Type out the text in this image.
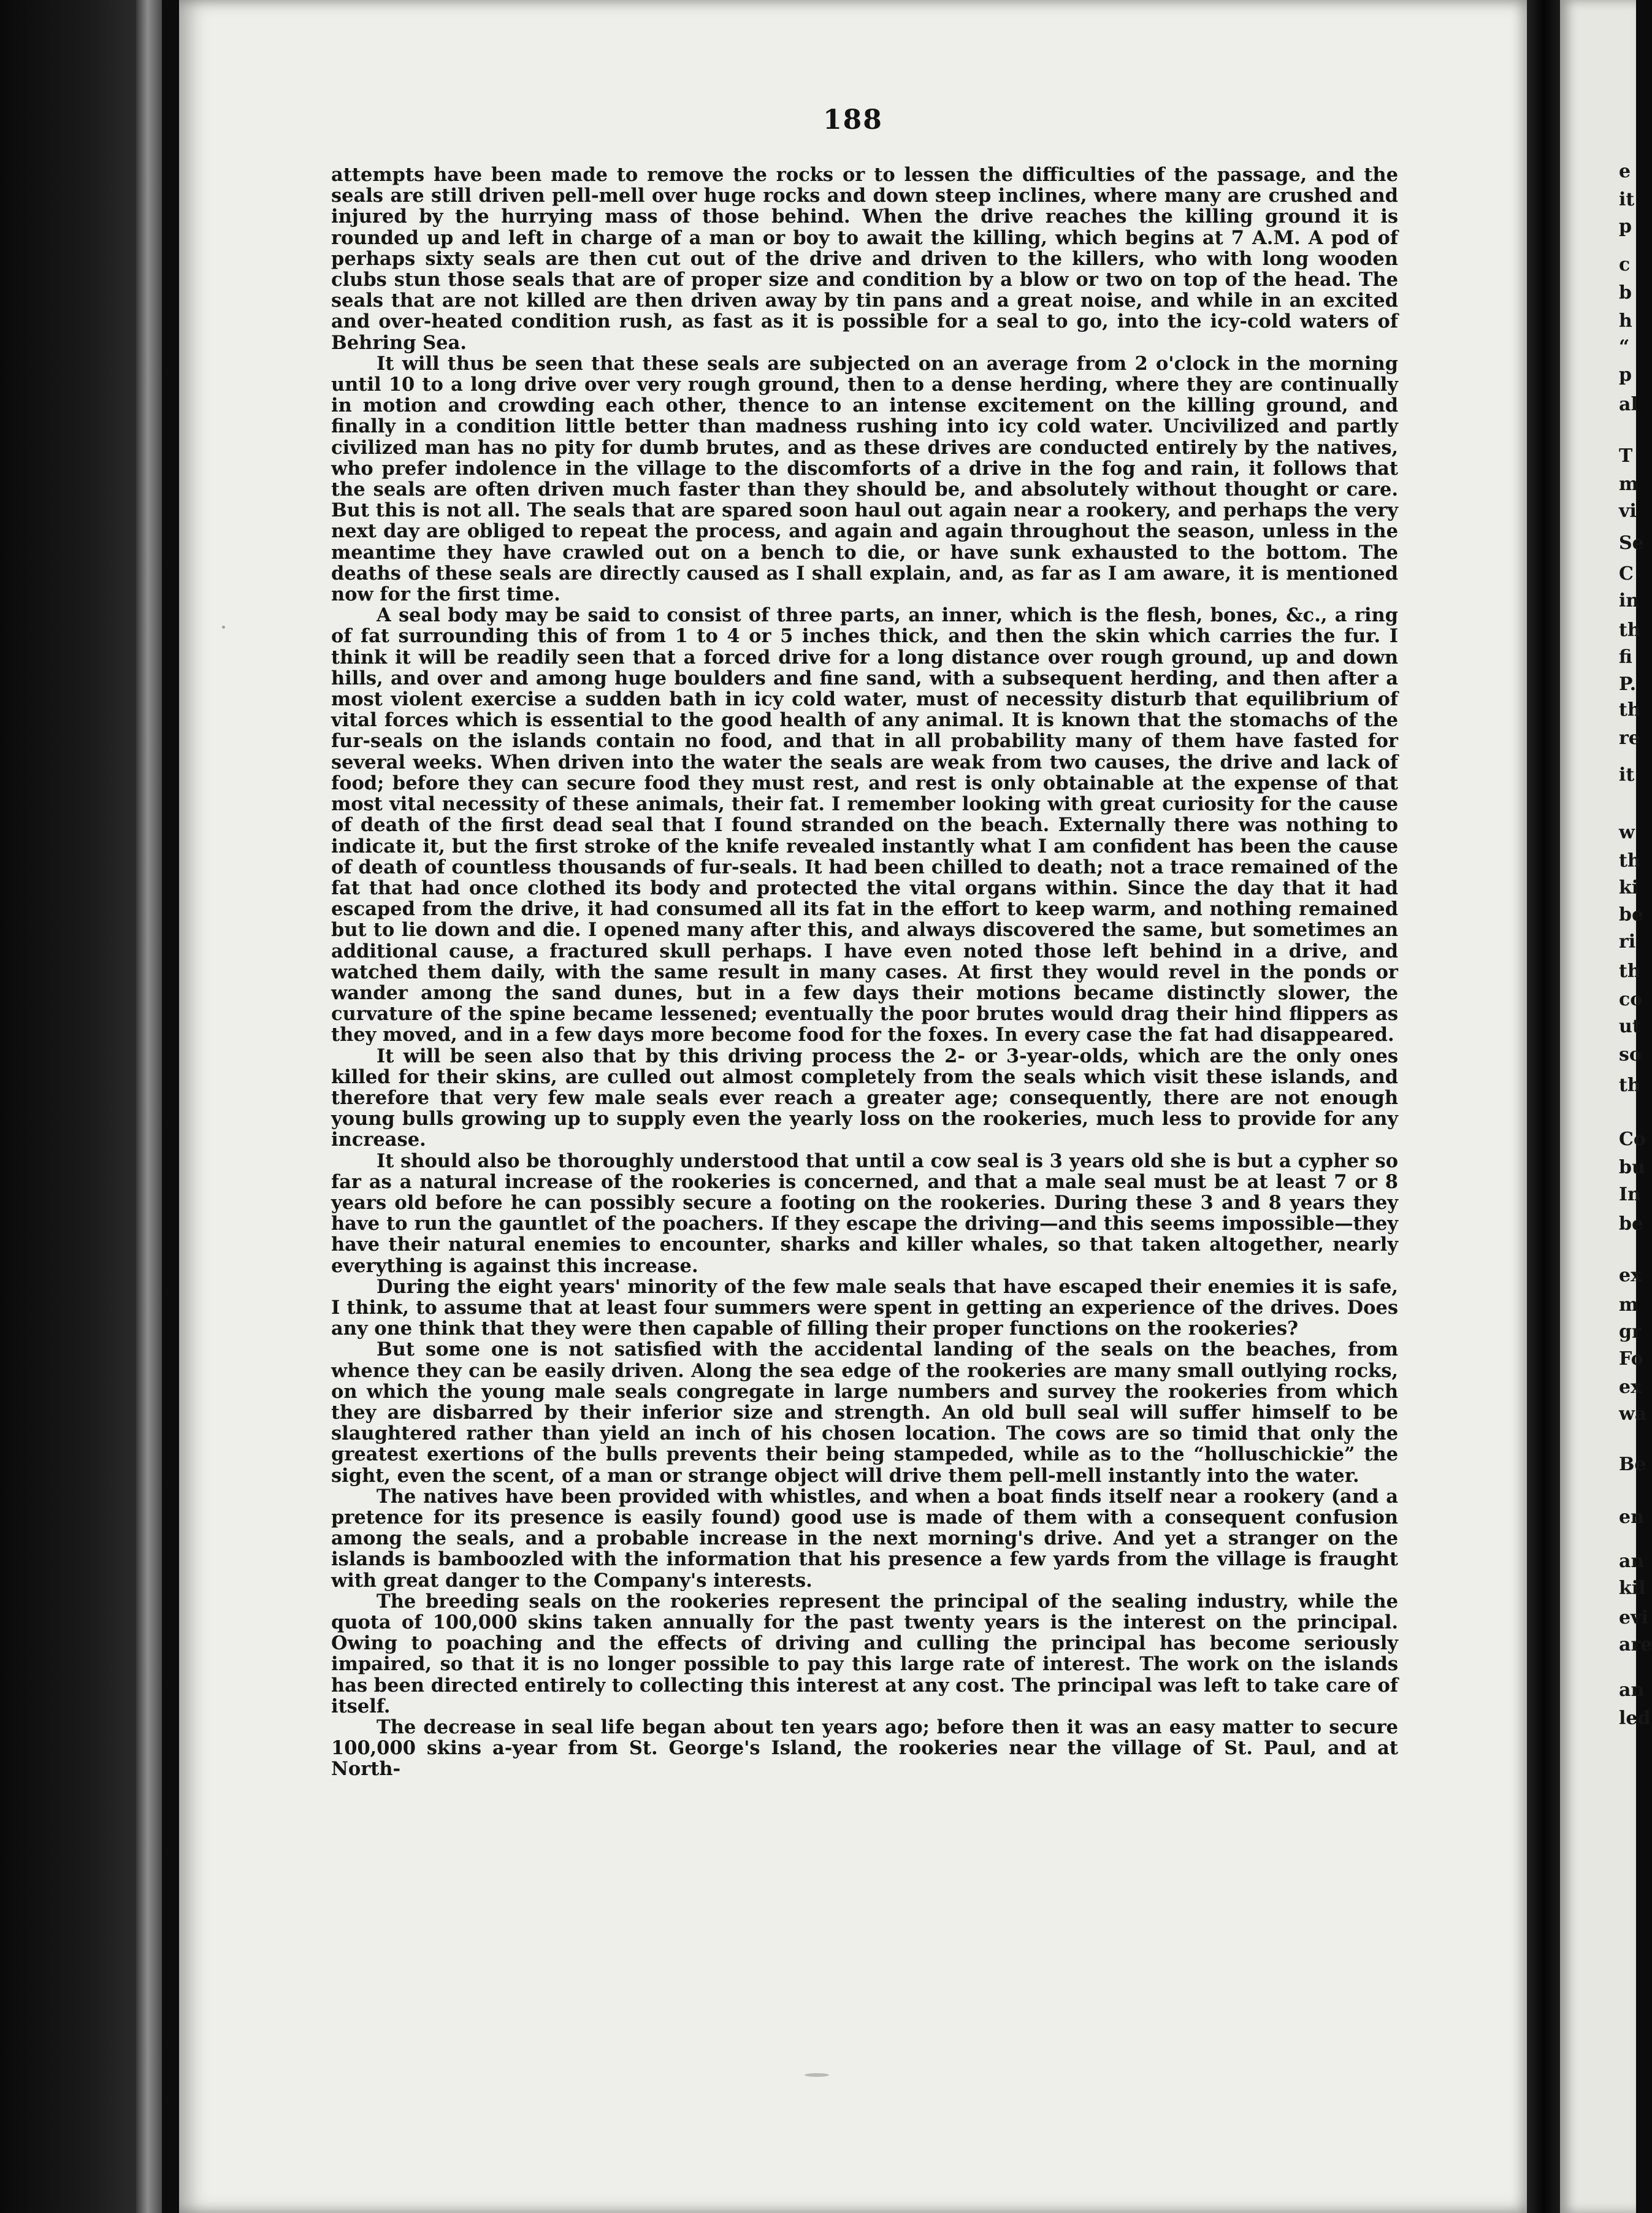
188

attempts have been made to remove the rocks or to lessen the difficulties of the passage, and the seals are still driven pell-mell over huge rocks and down steep inclines, where many are crushed and injured by the hurrying mass of those behind. When the drive reaches the killing ground it is rounded up and left in charge of a man or boy to await the killing, which begins at 7 A.M. A pod of perhaps sixty seals are then cut out of the drive and driven to the killers, who with long wooden clubs stun those seals that are of proper size and condition by a blow or two on top of the head. The seals that are not killed are then driven away by tin pans and a great noise, and while in an excited and over-heated condition rush, as fast as it is possible for a seal to go, into the icy-cold waters of Behring Sea.

It will thus be seen that these seals are subjected on an average from 2 o'clock in the morning until 10 to a long drive over very rough ground, then to a dense herding, where they are continually in motion and crowding each other, thence to an intense excitement on the killing ground, and finally in a condition little better than madness rushing into icy cold water. Uncivilized and partly civilized man has no pity for dumb brutes, and as these drives are conducted entirely by the natives, who prefer indolence in the village to the discomforts of a drive in the fog and rain, it follows that the seals are often driven much faster than they should be, and absolutely without thought or care. But this is not all. The seals that are spared soon haul out again near a rookery, and perhaps the very next day are obliged to repeat the process, and again and again throughout the season, unless in the meantime they have crawled out on a bench to die, or have sunk exhausted to the bottom. The deaths of these seals are directly caused as I shall explain, and, as far as I am aware, it is mentioned now for the first time.

A seal body may be said to consist of three parts, an inner, which is the flesh, bones, &c., a ring of fat surrounding this of from 1 to 4 or 5 inches thick, and then the skin which carries the fur. I think it will be readily seen that a forced drive for a long distance over rough ground, up and down hills, and over and among huge boulders and fine sand, with a subsequent herding, and then after a most violent exercise a sudden bath in icy cold water, must of necessity disturb that equilibrium of vital forces which is essential to the good health of any animal. It is known that the stomachs of the fur-seals on the islands contain no food, and that in all probability many of them have fasted for several weeks. When driven into the water the seals are weak from two causes, the drive and lack of food; before they can secure food they must rest, and rest is only obtainable at the expense of that most vital necessity of these animals, their fat. I remember looking with great curiosity for the cause of death of the first dead seal that I found stranded on the beach. Externally there was nothing to indicate it, but the first stroke of the knife revealed instantly what I am confident has been the cause of death of countless thousands of fur-seals. It had been chilled to death; not a trace remained of the fat that had once clothed its body and protected the vital organs within. Since the day that it had escaped from the drive, it had consumed all its fat in the effort to keep warm, and nothing remained but to lie down and die. I opened many after this, and always discovered the same, but sometimes an additional cause, a fractured skull perhaps. I have even noted those left behind in a drive, and watched them daily, with the same result in many cases. At first they would revel in the ponds or wander among the sand dunes, but in a few days their motions became distinctly slower, the curvature of the spine became lessened; eventually the poor brutes would drag their hind flippers as they moved, and in a few days more become food for the foxes. In every case the fat had disappeared.

It will be seen also that by this driving process the 2- or 3-year-olds, which are the only ones killed for their skins, are culled out almost completely from the seals which visit these islands, and therefore that very few male seals ever reach a greater age; consequently, there are not enough young bulls growing up to supply even the yearly loss on the rookeries, much less to provide for any increase.

It should also be thoroughly understood that until a cow seal is 3 years old she is but a cypher so far as a natural increase of the rookeries is concerned, and that a male seal must be at least 7 or 8 years old before he can possibly secure a footing on the rookeries. During these 3 and 8 years they have to run the gauntlet of the poachers. If they escape the driving—and this seems impossible—they have their natural enemies to encounter, sharks and killer whales, so that taken altogether, nearly everything is against this increase.

During the eight years' minority of the few male seals that have escaped their enemies it is safe, I think, to assume that at least four summers were spent in getting an experience of the drives. Does any one think that they were then capable of filling their proper functions on the rookeries?

But some one is not satisfied with the accidental landing of the seals on the beaches, from whence they can be easily driven. Along the sea edge of the rookeries are many small outlying rocks, on which the young male seals congregate in large numbers and survey the rookeries from which they are disbarred by their inferior size and strength. An old bull seal will suffer himself to be slaughtered rather than yield an inch of his chosen location. The cows are so timid that only the greatest exertions of the bulls prevents their being stampeded, while as to the “holluschickie” the sight, even the scent, of a man or strange object will drive them pell-mell instantly into the water.

The natives have been provided with whistles, and when a boat finds itself near a rookery (and a pretence for its presence is easily found) good use is made of them with a consequent confusion among the seals, and a probable increase in the next morning's drive. And yet a stranger on the islands is bamboozled with the information that his presence a few yards from the village is fraught with great danger to the Company's interests.

The breeding seals on the rookeries represent the principal of the sealing industry, while the quota of 100,000 skins taken annually for the past twenty years is the interest on the principal. Owing to poaching and the effects of driving and culling the principal has become seriously impaired, so that it is no longer possible to pay this large rate of interest. The work on the islands has been directed entirely to collecting this interest at any cost. The principal was left to take care of itself.

The decrease in seal life began about ten years ago; before then it was an easy matter to secure 100,000 skins a-year from St. George's Island, the rookeries near the village of St. Paul, and at North-

e
it
p
c
b
h
“
p
al
T
m
vi
Se
C
in
th
fi
P.
th
re
it
w
th
ki
be
ri
th
co
ut
so
th
Co
bu
In
be
ex
m
gr
Fo
ex
wa
Be
en
an
kil
evi
are
an
led
